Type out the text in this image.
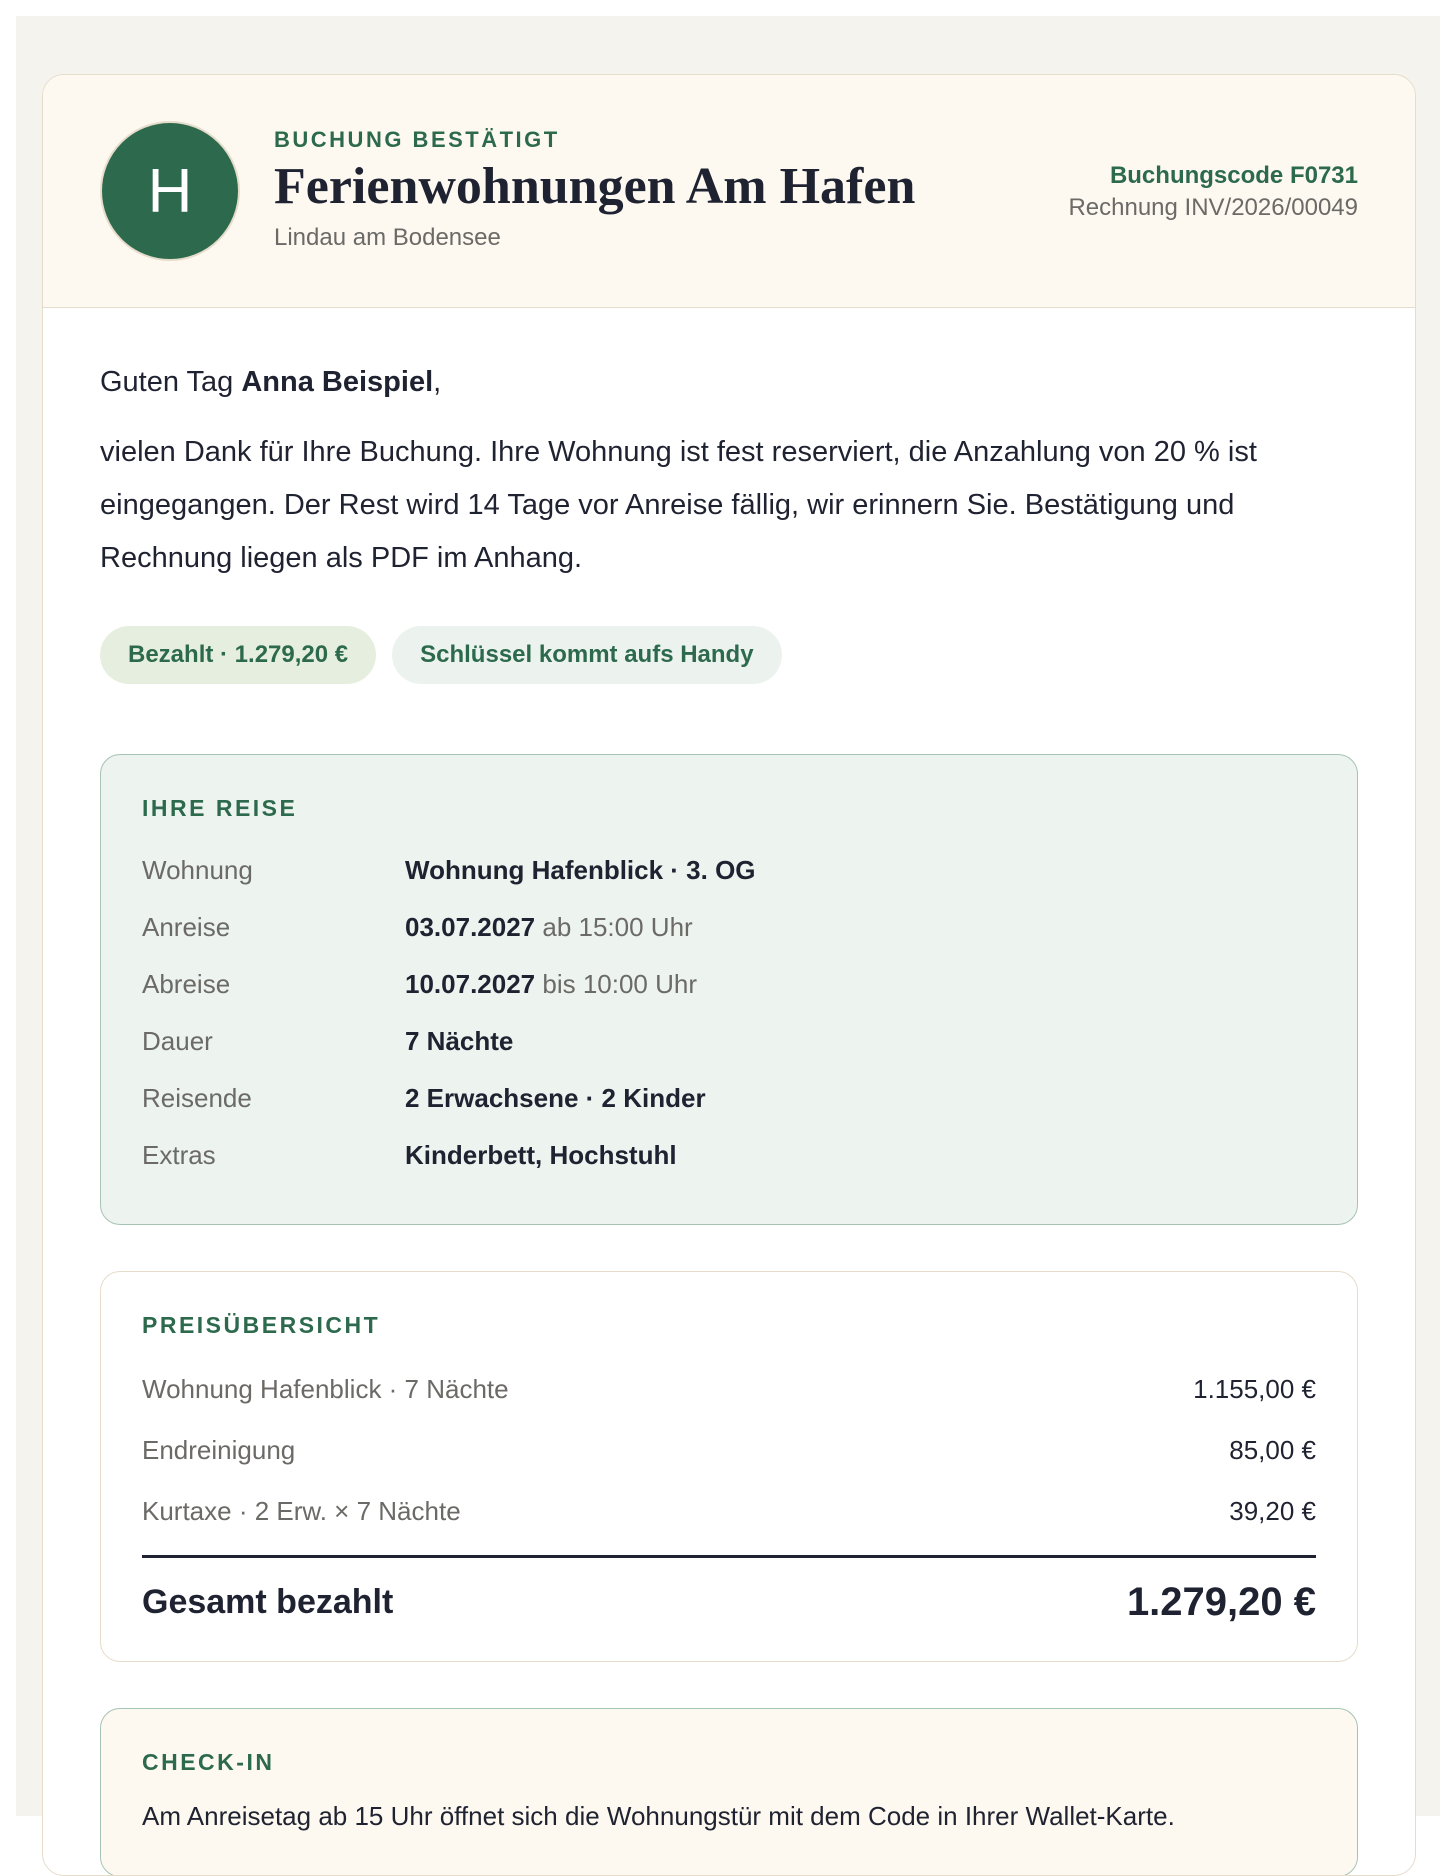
H
BUCHUNG BESTÄTIGT
Ferienwohnungen Am Hafen
Lindau am Bodensee
Buchungscode F0731
Rechnung INV/2026/00049
Guten Tag Anna Beispiel,
vielen Dank für Ihre Buchung. Ihre Wohnung ist fest reserviert, die Anzahlung von 20 % ist eingegangen. Der Rest wird 14 Tage vor Anreise fällig, wir erinnern Sie. Bestätigung und Rechnung liegen als PDF im Anhang.
Bezahlt · 1.279,20 €	Schlüssel kommt aufs Handy
IHRE REISE
Wohnung	Wohnung Hafenblick · 3. OG
Anreise	03.07.2027 ab 15:00 Uhr
Abreise	10.07.2027 bis 10:00 Uhr
Dauer	7 Nächte
Reisende	2 Erwachsene · 2 Kinder
Extras	Kinderbett, Hochstuhl
PREISÜBERSICHT
Wohnung Hafenblick · 7 Nächte	1.155,00 €
Endreinigung	85,00 €
Kurtaxe · 2 Erw. × 7 Nächte	39,20 €
Gesamt bezahlt	1.279,20 €
CHECK-IN
Am Anreisetag ab 15 Uhr öffnet sich die Wohnungstür mit dem Code in Ihrer Wallet-Karte.
